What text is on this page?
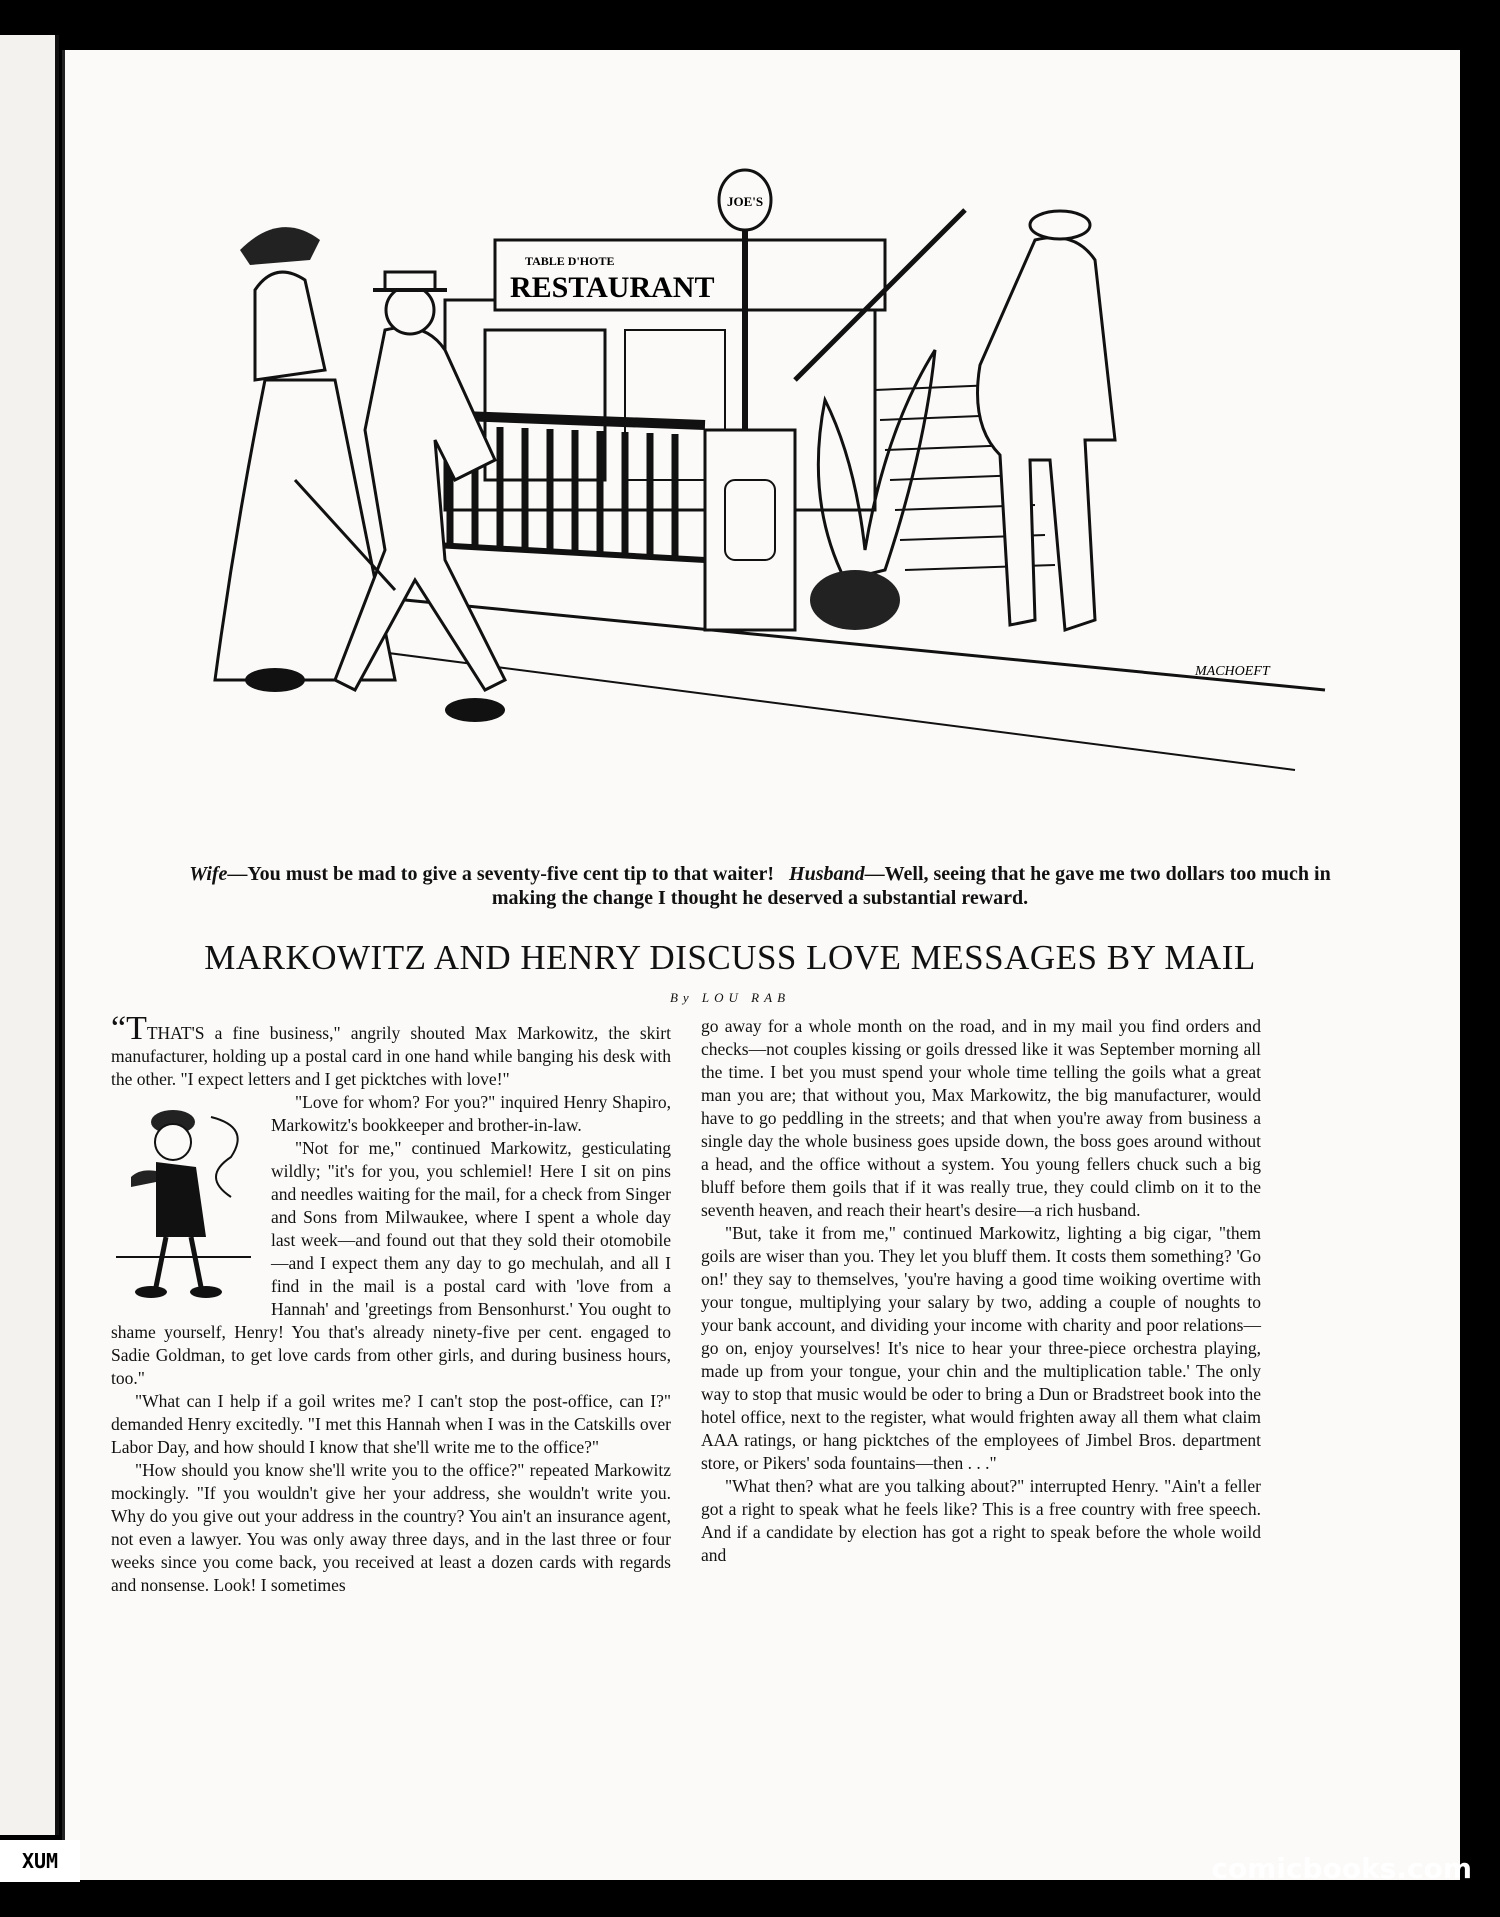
TABLE D'HOTE
RESTAURANT
JOE'S
MACHOEFT
Wife—You must be mad to give a seventy-five cent tip to that waiter! Husband—Well, seeing that he gave me two dollars too much in making the change I thought he deserved a substantial reward.
MARKOWITZ AND HENRY DISCUSS LOVE MESSAGES BY MAIL
By LOU RAB

“TTHAT'S a fine business," angrily shouted Max Markowitz, the skirt manufacturer, holding up a postal card in one hand while banging his desk with the other. "I expect letters and I get picktches with love!"

"Love for whom? For you?" inquired Henry Shapiro, Markowitz's bookkeeper and brother-in-law.

"Not for me," continued Markowitz, gesticulating wildly; "it's for you, you schlemiel! Here I sit on pins and needles waiting for the mail, for a check from Singer and Sons from Milwaukee, where I spent a whole day last week—and found out that they sold their otomobile—and I expect them any day to go mechulah, and all I find in the mail is a postal card with 'love from a Hannah' and 'greetings from Bensonhurst.' You ought to shame yourself, Henry! You that's already ninety-five per cent. engaged to Sadie Goldman, to get love cards from other girls, and during business hours, too."

"What can I help if a goil writes me? I can't stop the post-office, can I?" demanded Henry excitedly. "I met this Hannah when I was in the Catskills over Labor Day, and how should I know that she'll write me to the office?"

"How should you know she'll write you to the office?" repeated Markowitz mockingly. "If you wouldn't give her your address, she wouldn't write you. Why do you give out your address in the country? You ain't an insurance agent, not even a lawyer. You was only away three days, and in the last three or four weeks since you come back, you received at least a dozen cards with regards and nonsense. Look! I sometimes

go away for a whole month on the road, and in my mail you find orders and checks—not couples kissing or goils dressed like it was September morning all the time. I bet you must spend your whole time telling the goils what a great man you are; that without you, Max Markowitz, the big manufacturer, would have to go peddling in the streets; and that when you're away from business a single day the whole business goes upside down, the boss goes around without a head, and the office without a system. You young fellers chuck such a big bluff before them goils that if it was really true, they could climb on it to the seventh heaven, and reach their heart's desire—a rich husband.

"But, take it from me," continued Markowitz, lighting a big cigar, "them goils are wiser than you. They let you bluff them. It costs them something? 'Go on!' they say to themselves, 'you're having a good time woiking overtime with your tongue, multiplying your salary by two, adding a couple of noughts to your bank account, and dividing your income with charity and poor relations—go on, enjoy yourselves! It's nice to hear your three-piece orchestra playing, made up from your tongue, your chin and the multiplication table.' The only way to stop that music would be oder to bring a Dun or Bradstreet book into the hotel office, next to the register, what would frighten away all them what claim AAA ratings, or hang picktches of the employees of Jimbel Bros. department store, or Pikers' soda fountains—then . . ."

"What then? what are you talking about?" interrupted Henry. "Ain't a feller got a right to speak what he feels like? This is a free country with free speech. And if a candidate by election has got a right to speak before the whole woild and

XUM	comicbooks.com
